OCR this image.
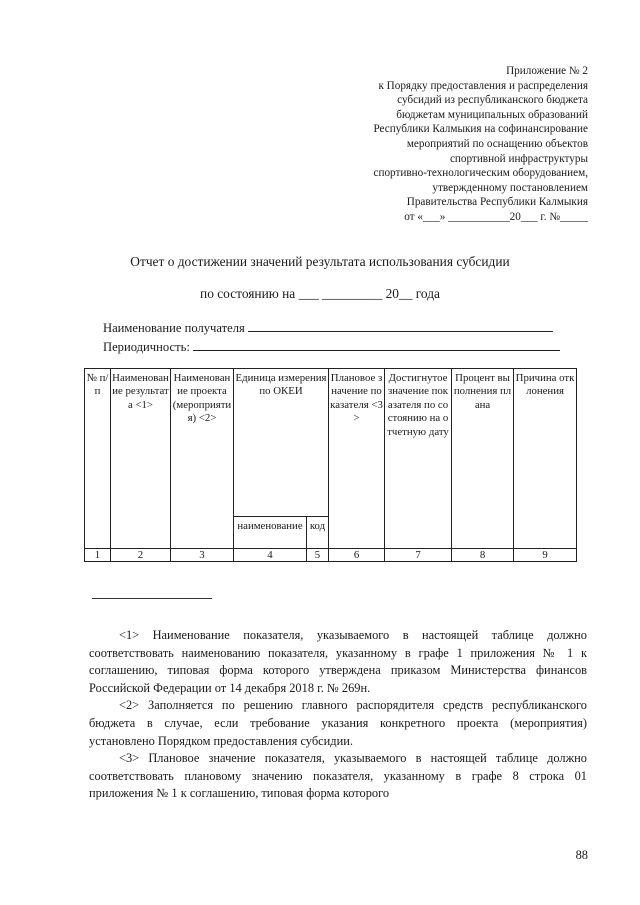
Приложение № 2
к Порядку предоставления и распределения
субсидий из республиканского бюджета
бюджетам муниципальных образований
Республики Калмыкия на софинансирование
мероприятий по оснащению объектов
спортивной инфраструктуры
спортивно-технологическим оборудованием,
утвержденному постановлением
Правительства Республики Калмыкия
от «___» ___________20___ г. №_____
Отчет о достижении значений результата использования субсидии
по состоянию на ___ _________ 20__ года
Наименование получателя
Периодичность:
№ п/п	Наименование результата <1>	Наименование проекта (мероприятия) <2>	Единица измерения по ОКЕИ		Плановое значение показателя <3>	Достигнутое значение показателя по состоянию на отчетную дату	Процент выполнения плана	Причина отклонения
			наименование	код				
1	2	3	4	5	6	7	8	9

<1> Наименование показателя, указываемого в настоящей таблице должно соответствовать наименованию показателя, указанному в графе 1 приложения № 1 к соглашению, типовая форма которого утверждена приказом Министерства финансов Российской Федерации от 14 декабря 2018 г. № 269н.

<2> Заполняется по решению главного распорядителя средств республиканского бюджета в случае, если требование указания конкретного проекта (мероприятия) установлено Порядком предоставления субсидии.

<3> Плановое значение показателя, указываемого в настоящей таблице должно соответствовать плановому значению показателя, указанному в графе 8 строка 01 приложения № 1 к соглашению, типовая форма которого

88
